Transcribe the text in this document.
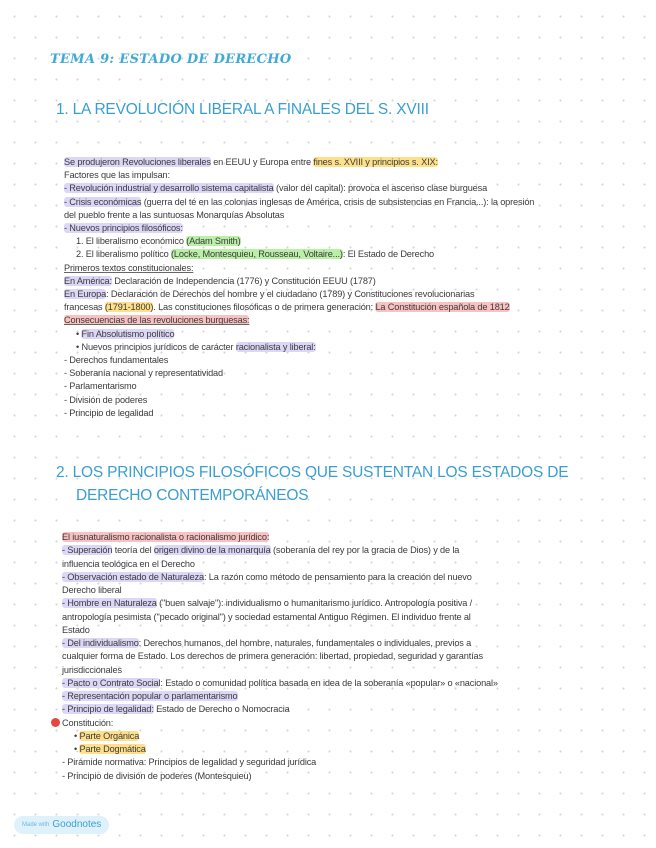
TEMA 9: ESTADO DE DERECHO
1. LA REVOLUCIÓN LIBERAL A FINALES DEL S. XVIII
Se produjeron Revoluciones liberales en EEUU y Europa entre fines s. XVIII y principios s. XIX:
Factores que las impulsan:
- Revolución industrial y desarrollo sistema capitalista (valor del capital): provoca el ascenso clase burguesa
- Crisis económicas (guerra del té en las colonias inglesas de América, crisis de subsistencias en Francia...): la opresión
del pueblo frente a las suntuosas Monarquías Absolutas
- Nuevos principios filosóficos:
1. El liberalismo económico (Adam Smith)
2. El liberalismo político (Locke, Montesquieu, Rousseau, Voltaire...): El Estado de Derecho
Primeros textos constitucionales:
En América: Declaración de Independencia (1776) y Constitución EEUU (1787)
En Europa: Declaración de Derechos del hombre y el ciudadano (1789) y Constituciones revolucionarias
francesas (1791-1800). Las constituciones filosóficas o de primera generación: La Constitución española de 1812
Consecuencias de las revoluciones burguesas:
• Fin Absolutismo político
• Nuevos principios jurídicos de carácter racionalista y liberal:
- Derechos fundamentales
- Soberanía nacional y representatividad
- Parlamentarismo
- División de poderes
- Principio de legalidad
2. LOS PRINCIPIOS FILOSÓFICOS QUE SUSTENTAN LOS ESTADOS DE
DERECHO CONTEMPORÁNEOS
El iusnaturalismo racionalista o racionalismo jurídico:
- Superación teoría del origen divino de la monarquía (soberanía del rey por la gracia de Dios) y de la
influencia teológica en el Derecho
- Observación estado de Naturaleza: La razón como método de pensamiento para la creación del nuevo
Derecho liberal
- Hombre en Naturaleza ("buen salvaje"): individualismo o humanitarismo jurídico. Antropología positiva /
antropología pesimista ("pecado original") y sociedad estamental Antiguo Régimen. El individuo frente al
Estado
- Del individualismo: Derechos humanos, del hombre, naturales, fundamentales o individuales, previos a
cualquier forma de Estado. Los derechos de primera generación: libertad, propiedad, seguridad y garantías
jurisdiccionales
- Pacto o Contrato Social: Estado o comunidad política basada en idea de la soberanía «popular» o «nacional»
- Representación popular o parlamentarismo
- Principio de legalidad: Estado de Derecho o Nomocracia
Constitución:
• Parte Orgánica
• Parte Dogmática
- Pirámide normativa: Principios de legalidad y seguridad jurídica
- Principio de división de poderes (Montesquieu)
Made with Goodnotes
